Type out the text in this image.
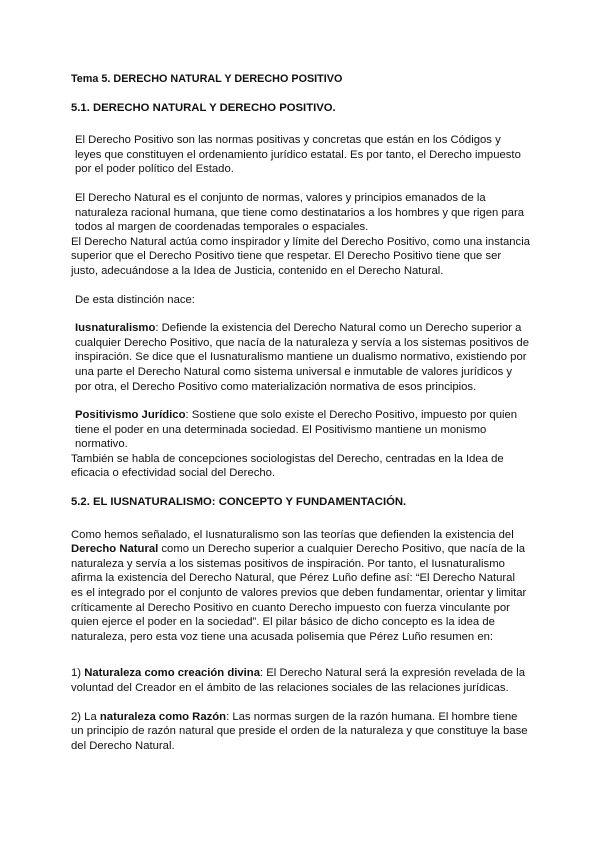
Tema 5. DERECHO NATURAL Y DERECHO POSITIVO
5.1. DERECHO NATURAL Y DERECHO POSITIVO.

El Derecho Positivo son las normas positivas y concretas que están en los Códigos y leyes que constituyen el ordenamiento jurídico estatal. Es por tanto, el Derecho impuesto por el poder político del Estado.

El Derecho Natural es el conjunto de normas, valores y principios emanados de la naturaleza racional humana, que tiene como destinatarios a los hombres y que rigen para todos al margen de coordenadas temporales o espaciales.

El Derecho Natural actúa como inspirador y límite del Derecho Positivo, como una instancia superior que el Derecho Positivo tiene que respetar. El Derecho Positivo tiene que ser justo, adecuándose a la Idea de Justicia, contenido en el Derecho Natural.

De esta distinción nace:

Iusnaturalismo: Defiende la existencia del Derecho Natural como un Derecho superior a cualquier Derecho Positivo, que nacía de la naturaleza y servía a los sistemas positivos de inspiración. Se dice que el Iusnaturalismo mantiene un dualismo normativo, existiendo por una parte el Derecho Natural como sistema universal e inmutable de valores jurídicos y por otra, el Derecho Positivo como materialización normativa de esos principios.

Positivismo Jurídico: Sostiene que solo existe el Derecho Positivo, impuesto por quien tiene el poder en una determinada sociedad. El Positivismo mantiene un monismo normativo.

También se habla de concepciones sociologistas del Derecho, centradas en la Idea de eficacia o efectividad social del Derecho.

5.2. EL IUSNATURALISMO: CONCEPTO Y FUNDAMENTACIÓN.

Como hemos señalado, el Iusnaturalismo son las teorías que defienden la existencia del Derecho Natural como un Derecho superior a cualquier Derecho Positivo, que nacía de la naturaleza y servía a los sistemas positivos de inspiración. Por tanto, el Iusnaturalismo afirma la existencia del Derecho Natural, que Pérez Luño define así: “El Derecho Natural es el integrado por el conjunto de valores previos que deben fundamentar, orientar y limitar críticamente al Derecho Positivo en cuanto Derecho impuesto con fuerza vinculante por quien ejerce el poder en la sociedad”. El pilar básico de dicho concepto es la idea de naturaleza, pero esta voz tiene una acusada polisemia que Pérez Luño resumen en:

1) Naturaleza como creación divina: El Derecho Natural será la expresión revelada de la voluntad del Creador en el ámbito de las relaciones sociales de las relaciones jurídicas.

2) La naturaleza como Razón: Las normas surgen de la razón humana. El hombre tiene un principio de razón natural que preside el orden de la naturaleza y que constituye la base del Derecho Natural.
